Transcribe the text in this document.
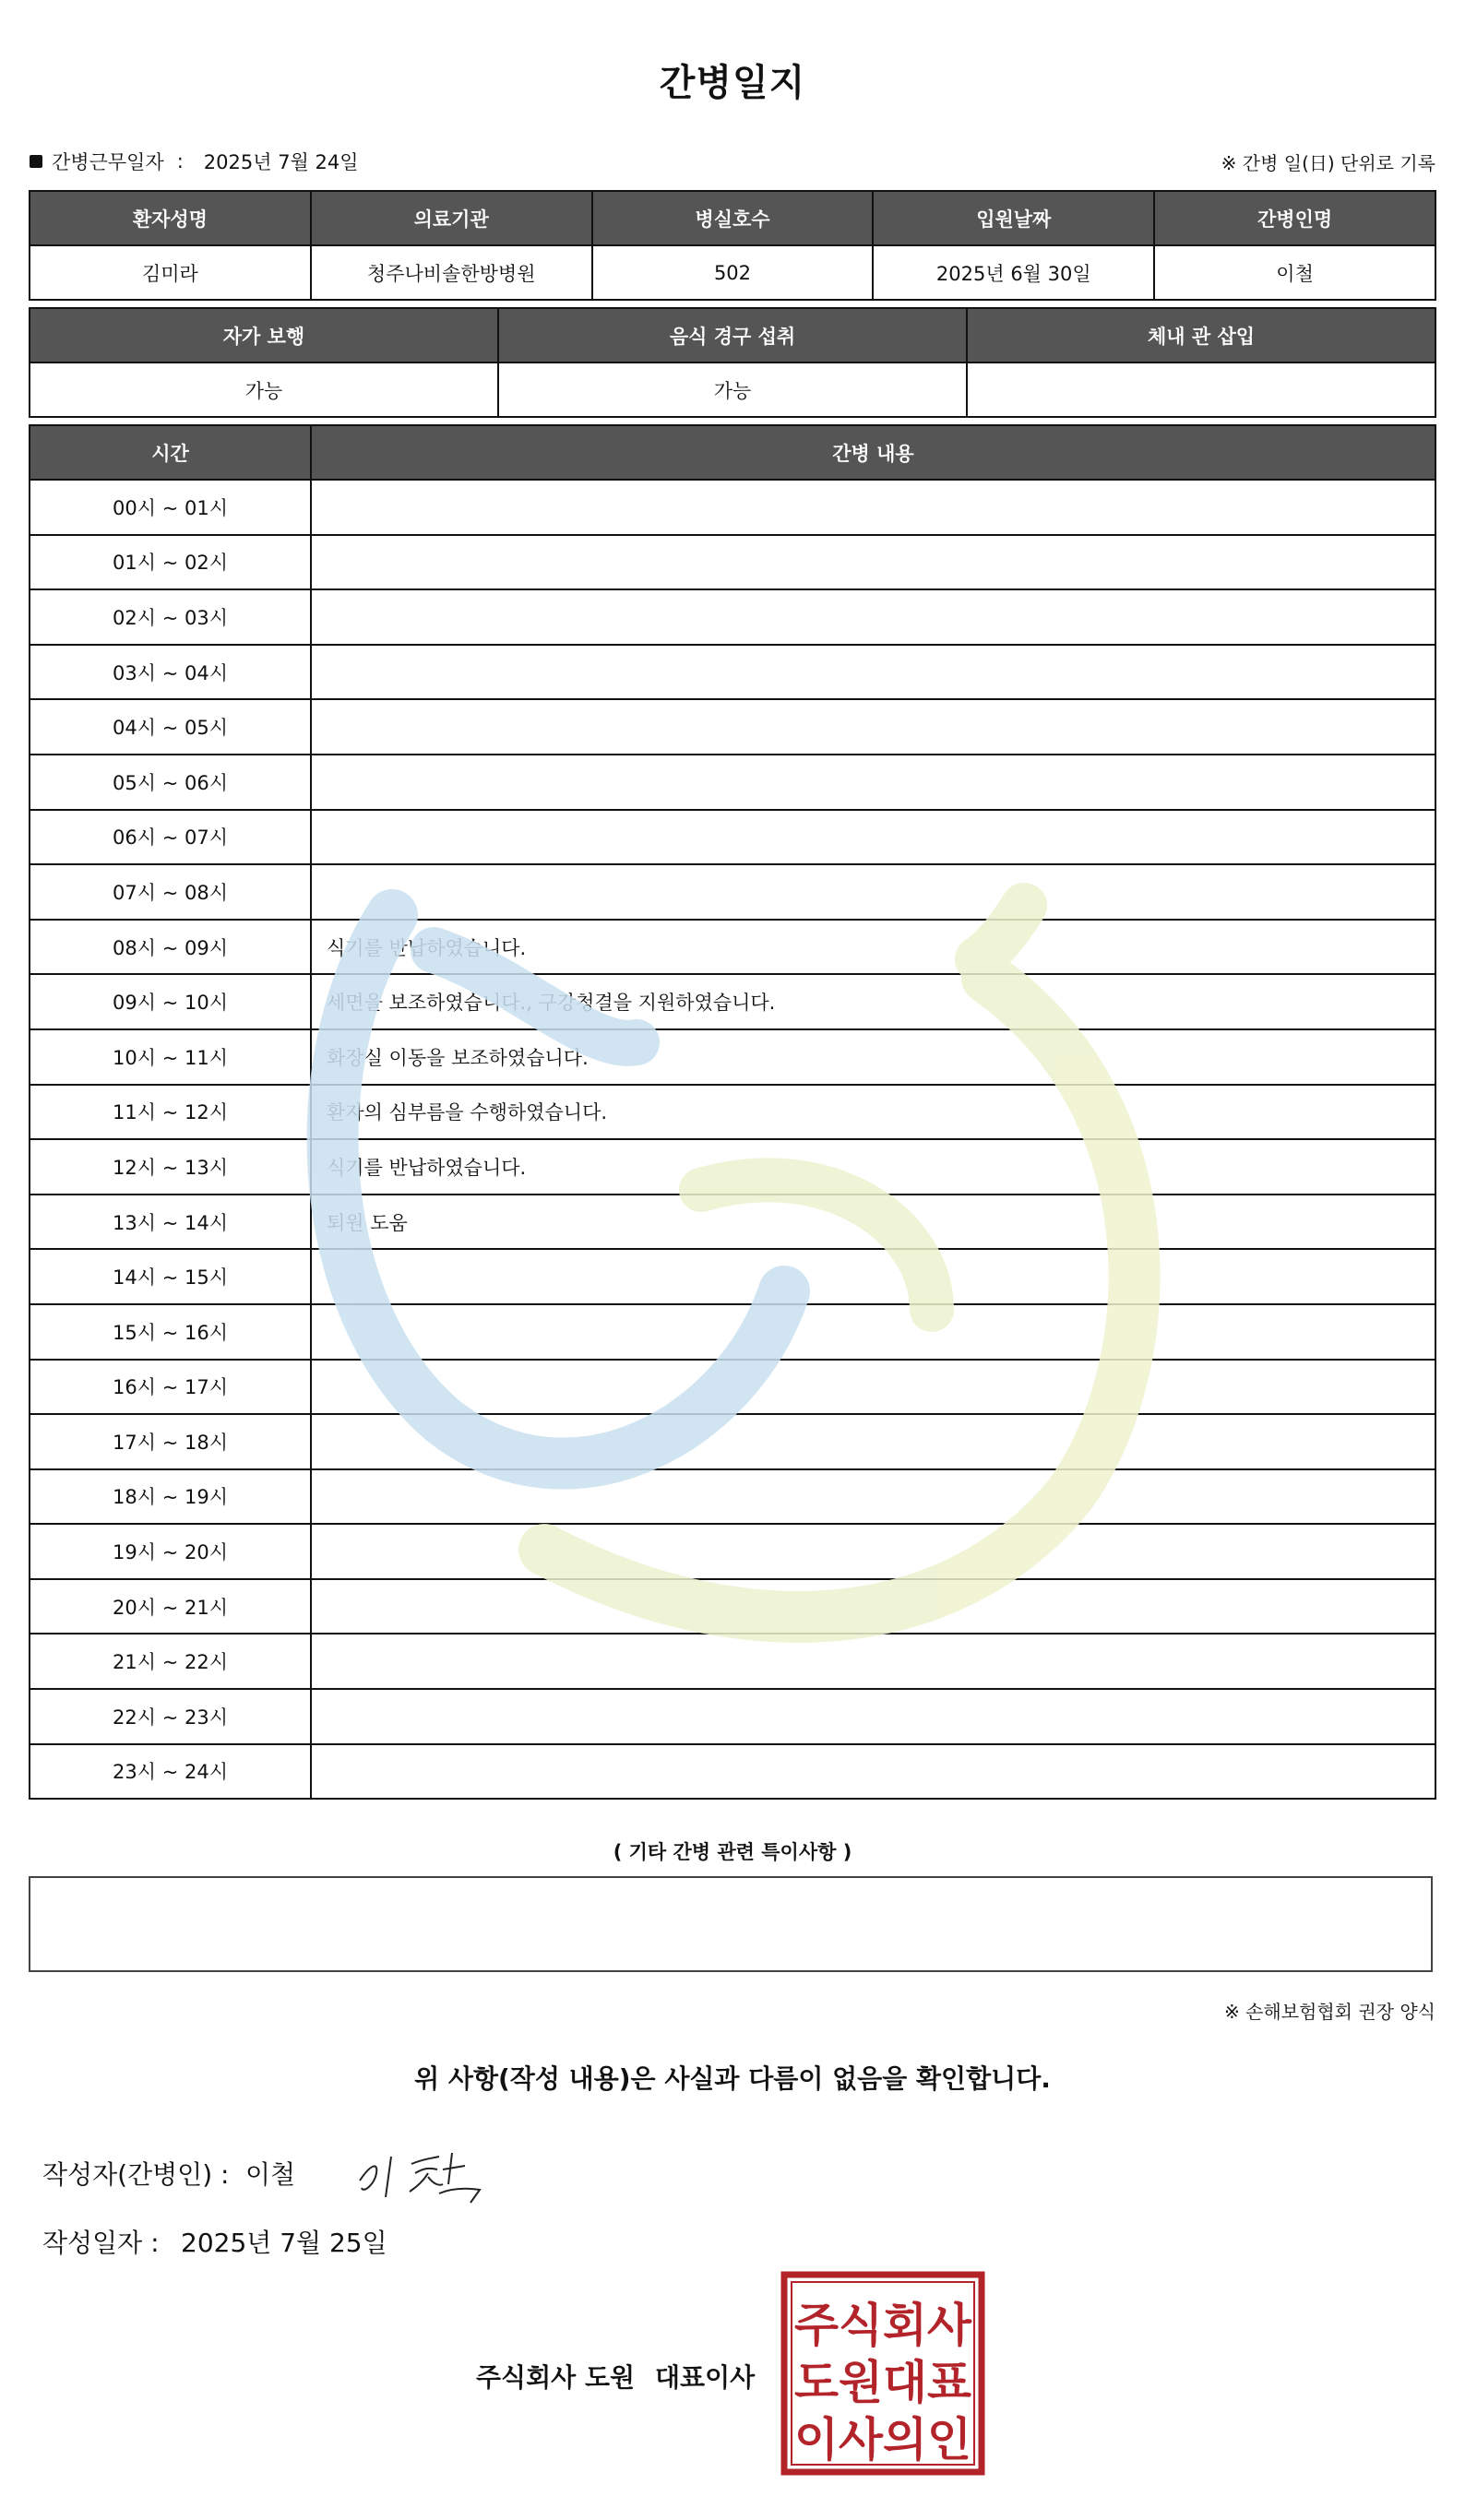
간병일지
간병근무일자 : 2025년 7월 24일	※ 간병 일(日) 단위로 기록
환자성명	의료기관	병실호수	입원날짜	간병인명
김미라	청주나비솔한방병원	502	2025년 6월 30일	이철
자가 보행	음식 경구 섭취	체내 관 삽입
가능	가능	
시간	간병 내용
00시 ~ 01시	
01시 ~ 02시	
02시 ~ 03시	
03시 ~ 04시	
04시 ~ 05시	
05시 ~ 06시	
06시 ~ 07시	
07시 ~ 08시	
08시 ~ 09시	식기를 반납하였습니다.
09시 ~ 10시	세면을 보조하였습니다., 구강청결을 지원하였습니다.
10시 ~ 11시	화장실 이동을 보조하였습니다.
11시 ~ 12시	환자의 심부름을 수행하였습니다.
12시 ~ 13시	식기를 반납하였습니다.
13시 ~ 14시	퇴원 도움
14시 ~ 15시	
15시 ~ 16시	
16시 ~ 17시	
17시 ~ 18시	
18시 ~ 19시	
19시 ~ 20시	
20시 ~ 21시	
21시 ~ 22시	
22시 ~ 23시	
23시 ~ 24시	
( 기타 간병 관련 특이사항 )
※ 손해보험협회 권장 양식
위 사항(작성 내용)은 사실과 다름이 없음을 확인합니다.
작성자(간병인) : 이철
작성일자 : 2025년 7월 25일
주식회사 도원 대표이사
주식회사
도원대표
이사의인
